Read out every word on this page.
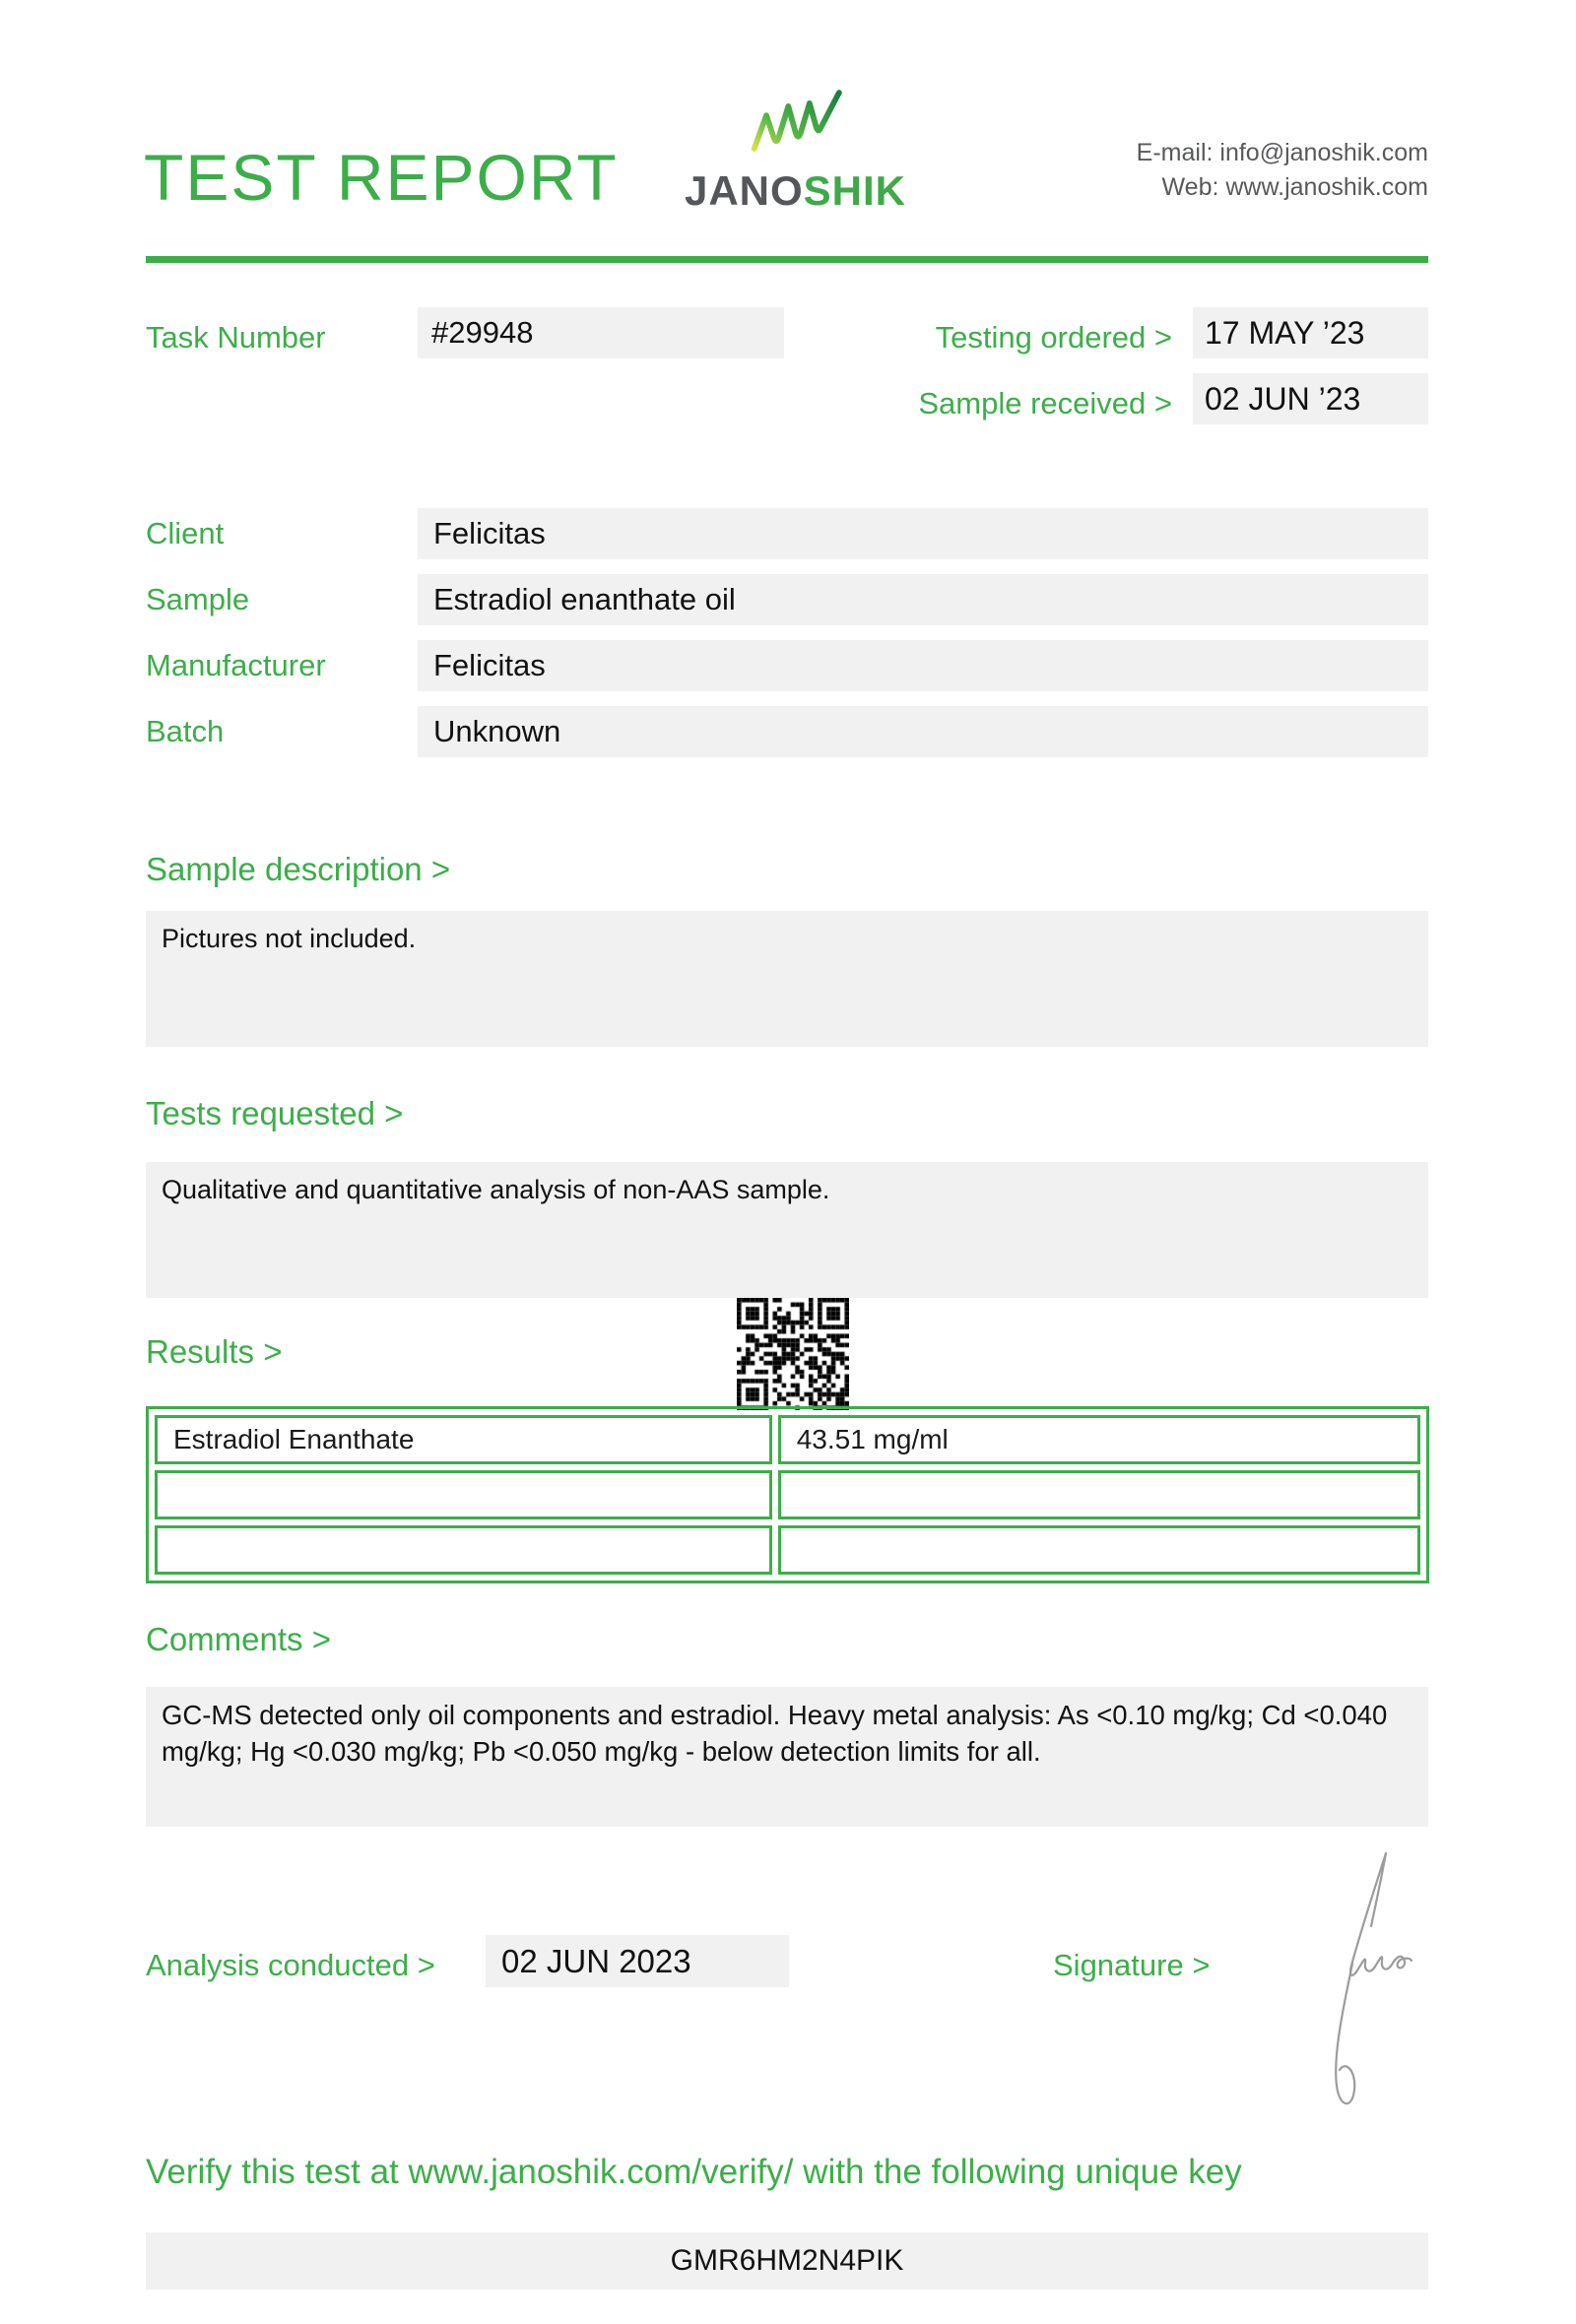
TEST REPORT JANOSHIK
E-mail: info@janoshik.com
Web: www.janoshik.com
Task Number	#29948	Testing ordered >	17 MAY ’23
Sample received >	02 JUN ’23
Client	Felicitas
Sample	Estradiol enanthate oil
Manufacturer	Felicitas
Batch	Unknown
Sample description >
Pictures not included.
Tests requested >
Qualitative and quantitative analysis of non-AAS sample.
Results >
Estradiol Enanthate	43.51 mg/ml

Comments >
GC-MS detected only oil components and estradiol. Heavy metal analysis: As <0.10 mg/kg; Cd <0.040 mg/kg; Hg <0.030 mg/kg; Pb <0.050 mg/kg - below detection limits for all.
Analysis conducted >	02 JUN 2023	Signature >
Verify this test at www.janoshik.com/verify/ with the following unique key
GMR6HM2N4PIK
